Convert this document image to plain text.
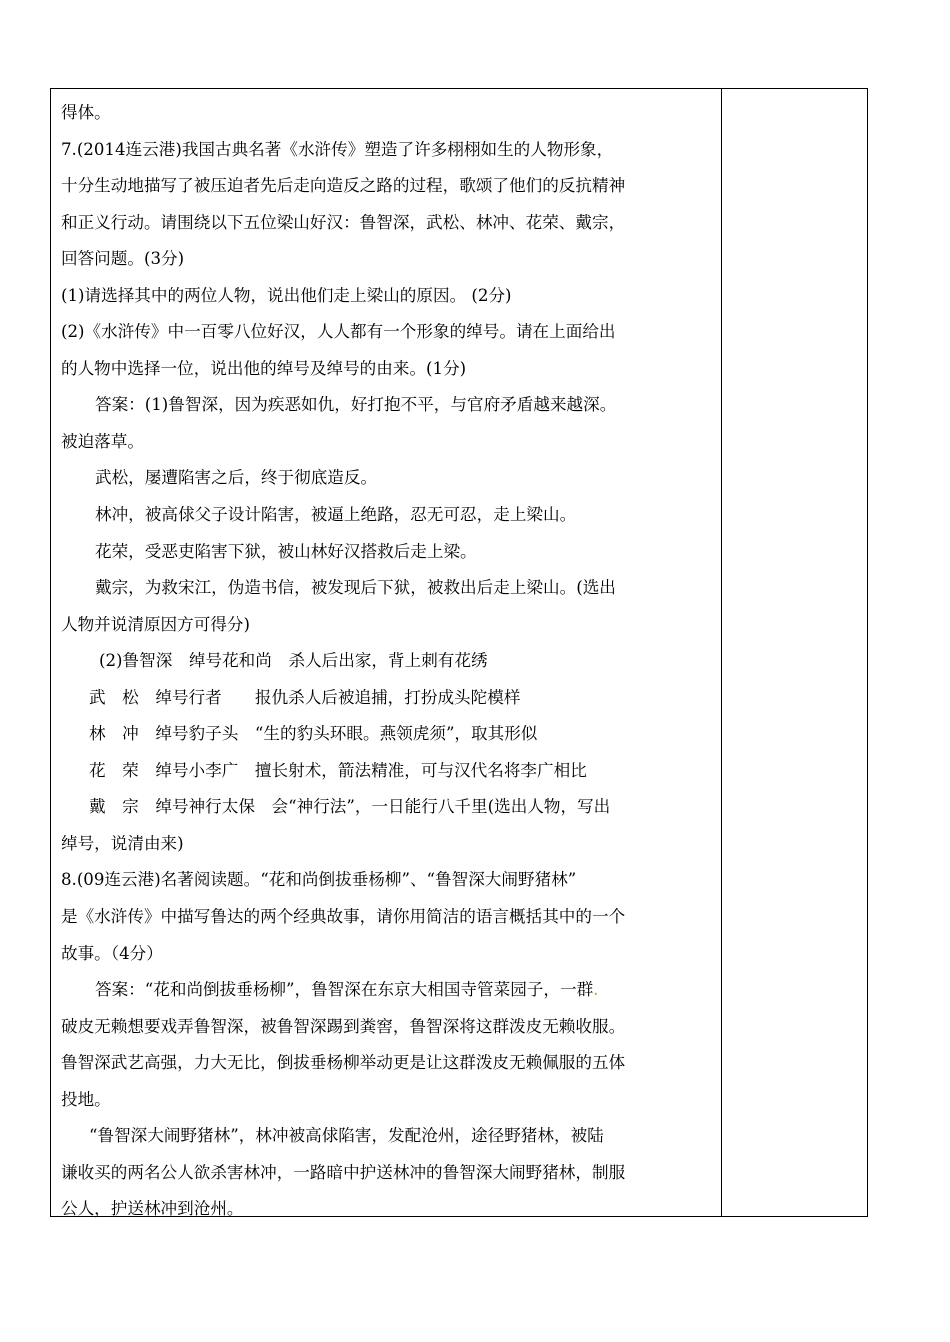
得体。
7.(2014连云港)我国古典名著《水浒传》塑造了许多栩栩如生的人物形象，
十分生动地描写了被压迫者先后走向造反之路的过程，歌颂了他们的反抗精神
和正义行动。请围绕以下五位梁山好汉：鲁智深，武松、林冲、花荣、戴宗，
回答问题。(3分)
(1)请选择其中的两位人物，说出他们走上梁山的原因。 (2分)
(2)《水浒传》中一百零八位好汉，人人都有一个形象的绰号。请在上面给出
的人物中选择一位，说出他的绰号及绰号的由来。(1分)
答案：(1)鲁智深，因为疾恶如仇，好打抱不平，与官府矛盾越来越深。
被迫落草。
武松，屡遭陷害之后，终于彻底造反。
林冲，被高俅父子设计陷害，被逼上绝路，忍无可忍，走上梁山。
花荣，受恶吏陷害下狱，被山林好汉搭救后走上梁。
戴宗，为救宋江，伪造书信，被发现后下狱，被救出后走上梁山。(选出
人物并说清原因方可得分)
(2)鲁智深　绰号花和尚　杀人后出家，背上刺有花绣
武　松　绰号行者　　报仇杀人后被追捕，打扮成头陀模样
林　冲　绰号豹子头　“生的豹头环眼。燕领虎须”，取其形似
花　荣　绰号小李广　擅长射术，箭法精准，可与汉代名将李广相比
戴　宗　绰号神行太保　会“神行法”，一日能行八千里(选出人物，写出
绰号，说清由来)
8.(09连云港)名著阅读题。“花和尚倒拔垂杨柳”、“鲁智深大闹野猪林”
是《水浒传》中描写鲁达的两个经典故事，请你用简洁的语言概括其中的一个
故事。（4分）
答案：“花和尚倒拔垂杨柳”，鲁智深在东京大相国寺管菜园子，一群.
破皮无赖想要戏弄鲁智深，被鲁智深踢到粪窖，鲁智深将这群泼皮无赖收服。
鲁智深武艺高强，力大无比，倒拔垂杨柳举动更是让这群泼皮无赖佩服的五体
投地。
“鲁智深大闹野猪林”，林冲被高俅陷害，发配沧州，途径野猪林，被陆
谦收买的两名公人欲杀害林冲，一路暗中护送林冲的鲁智深大闹野猪林，制服
公人，护送林冲到沧州。
